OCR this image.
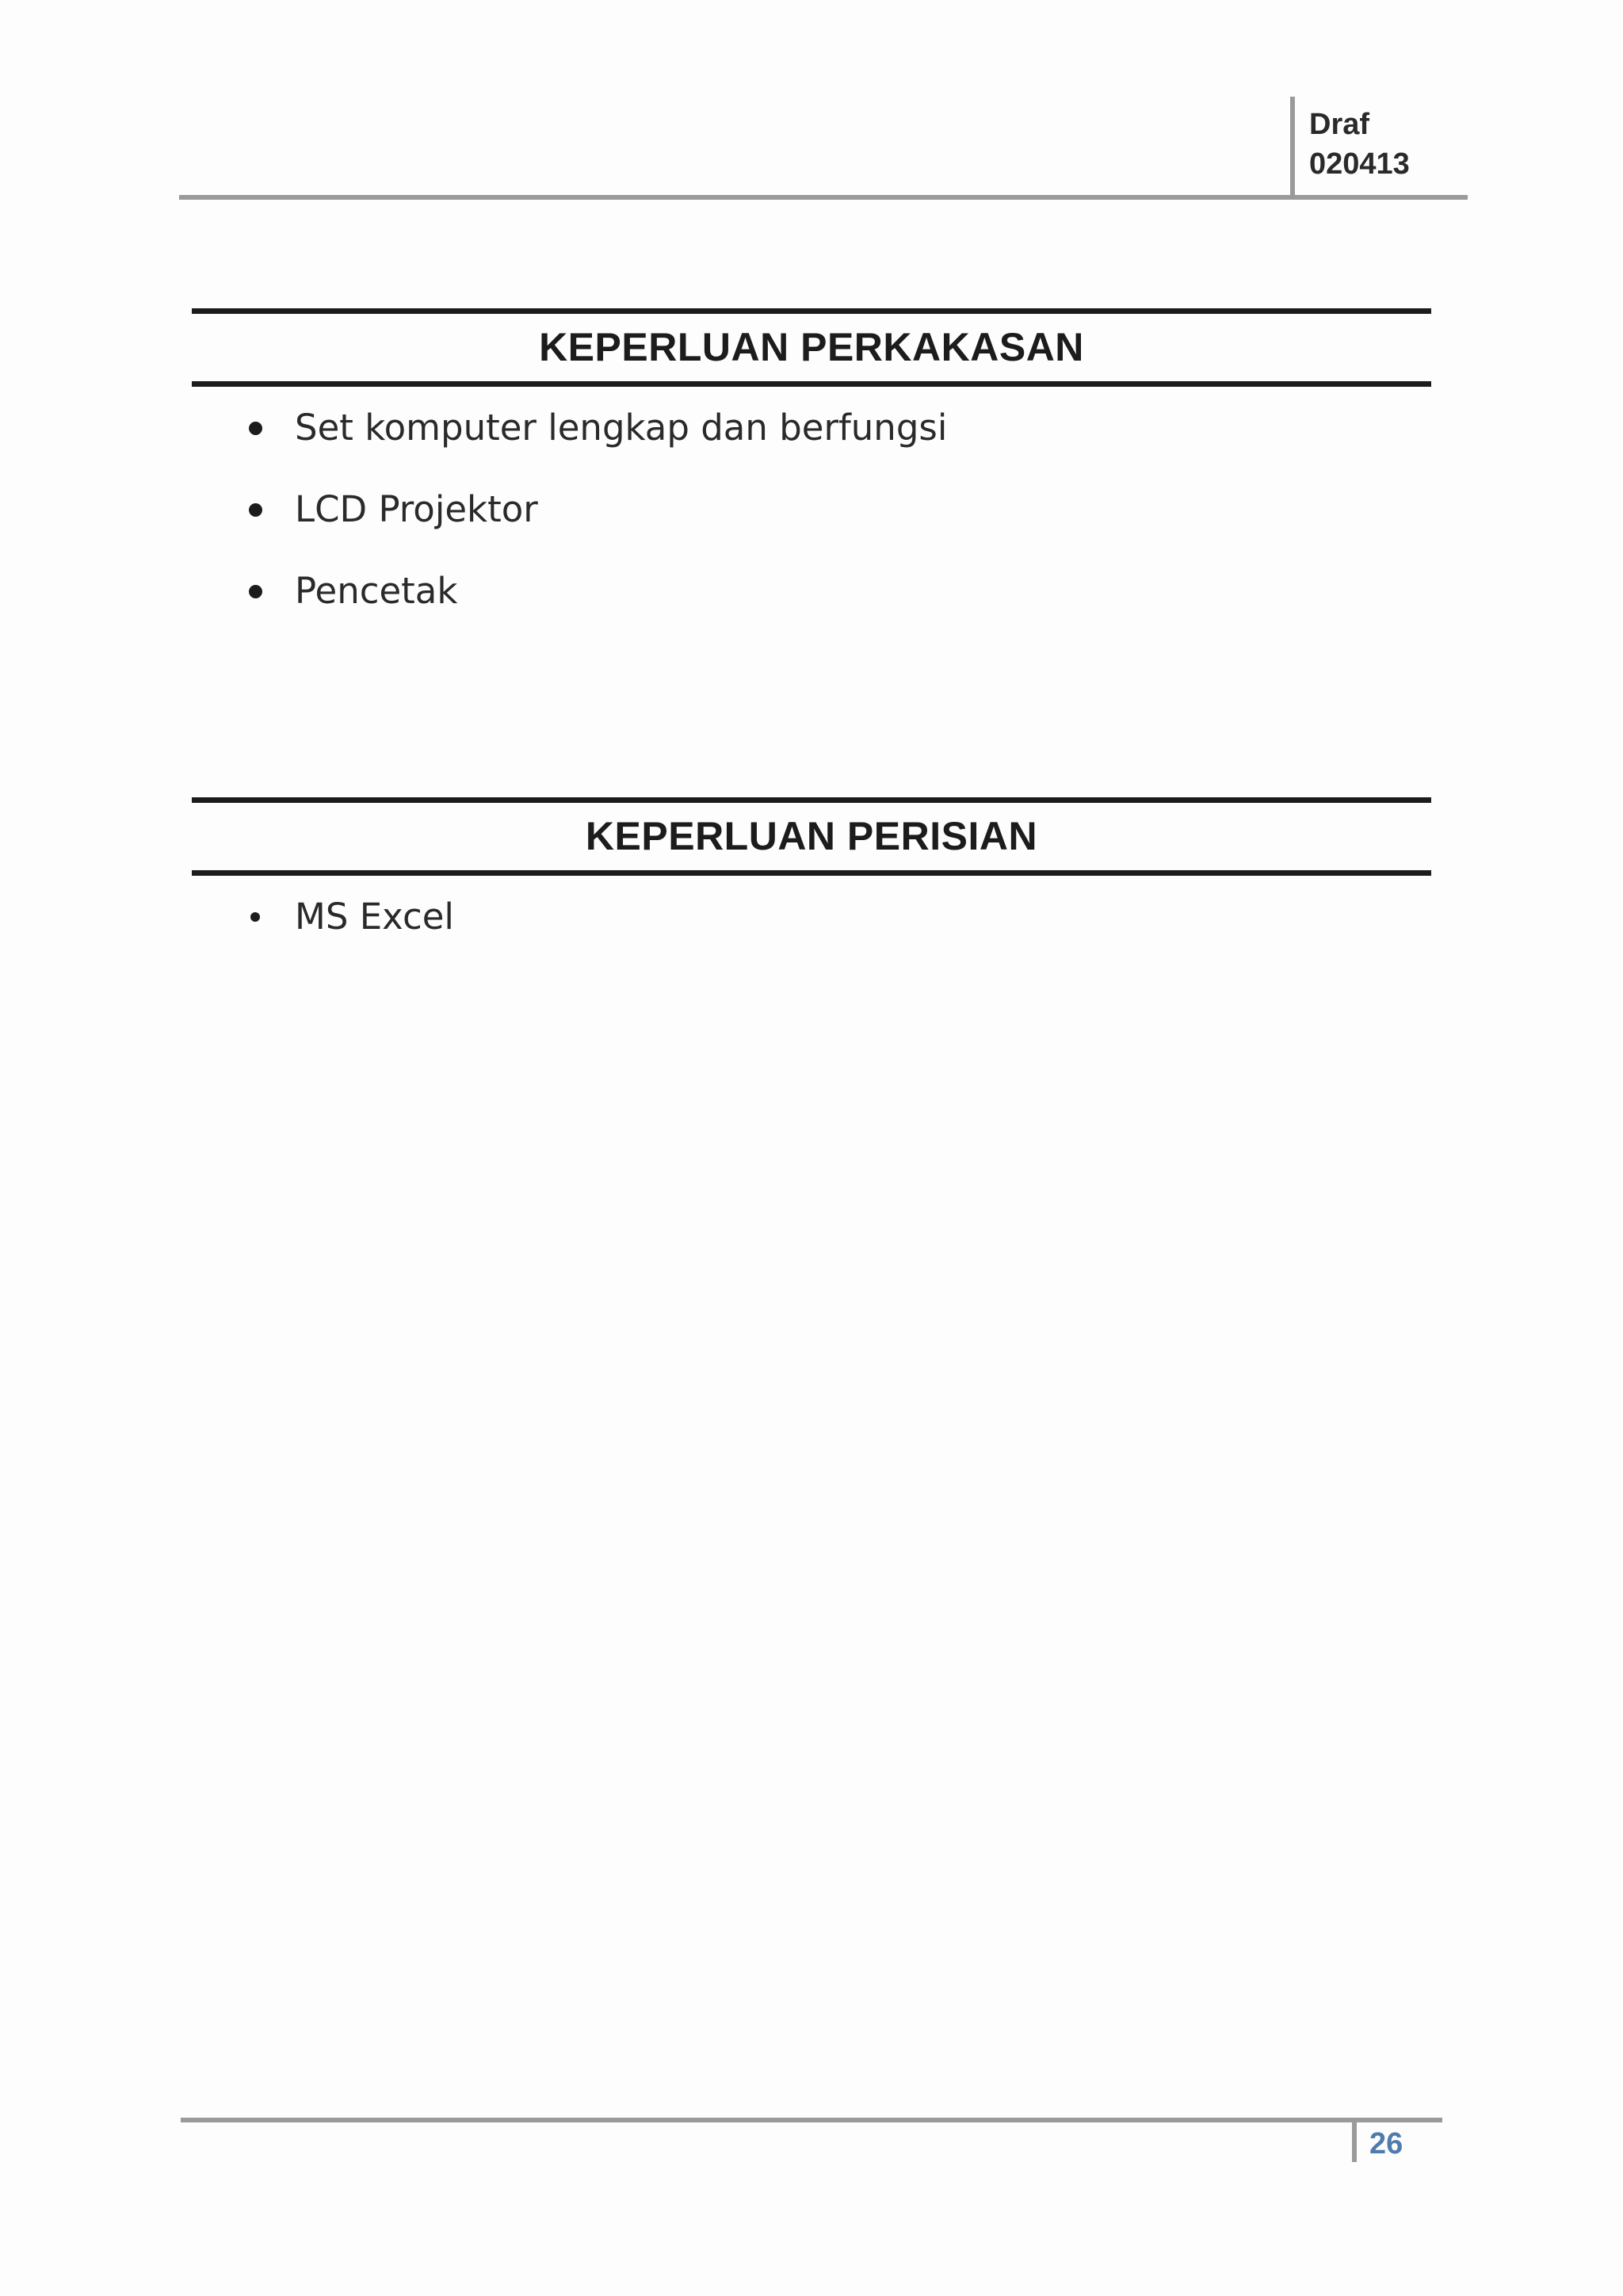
Draf
020413
KEPERLUAN PERKAKASAN
Set komputer lengkap dan berfungsi
LCD Projektor
Pencetak
KEPERLUAN PERISIAN
MS Excel
26
